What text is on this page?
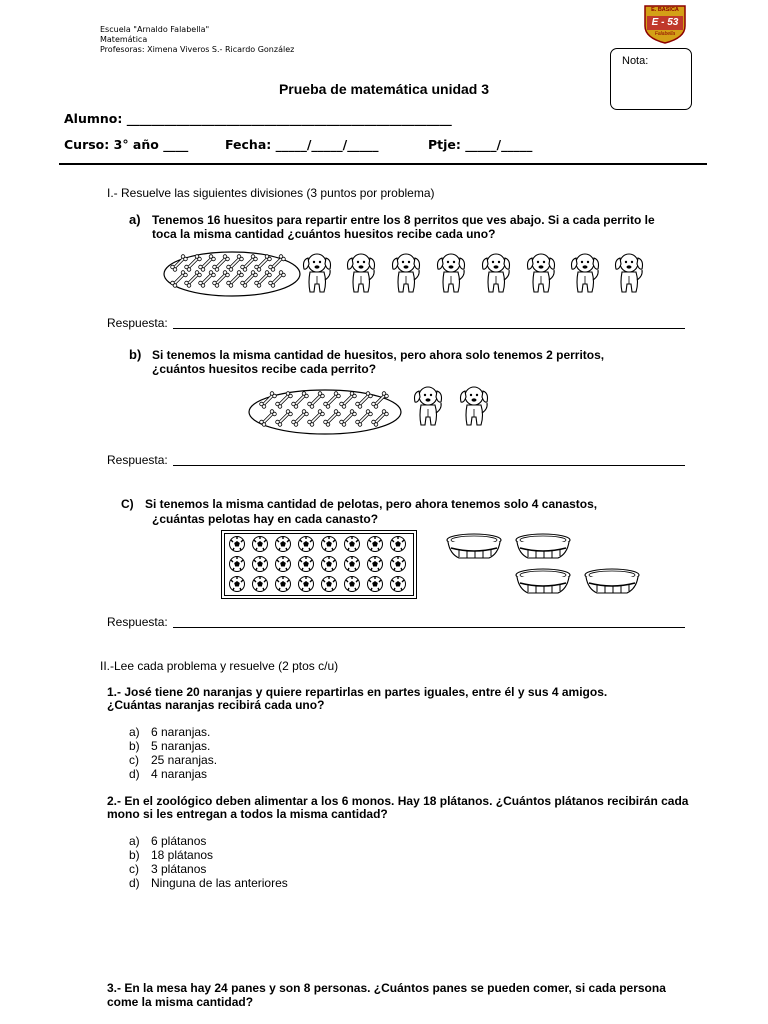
Escuela "Arnaldo Falabella"
Matemática
Profesoras: Ximena Viveros S.- Ricardo González
E. BASICA
E - 53
Falabella
Nota:
Prueba de matemática unidad 3
Alumno: ____________________________________________________
Curso: 3° año ____	Fecha: _____/_____/_____	Ptje: _____/_____
I.- Resuelve las siguientes divisiones (3 puntos por problema)
a) Tenemos 16 huesitos para repartir entre los 8 perritos que ves abajo. Si a cada perrito le
toca la misma cantidad ¿cuántos huesitos recibe cada uno?
Respuesta:
b) Si tenemos la misma cantidad de huesitos, pero ahora solo tenemos 2 perritos,
¿cuántos huesitos recibe cada perrito?
Respuesta:
C) Si tenemos la misma cantidad de pelotas, pero ahora tenemos solo 4 canastos,
¿cuántas pelotas hay en cada canasto?
Respuesta:
II.-Lee cada problema y resuelve (2 ptos c/u)
1.- José tiene 20 naranjas y quiere repartirlas en partes iguales, entre él y sus 4 amigos.
¿Cuántas naranjas recibirá cada uno?
a) 6 naranjas.
b) 5 naranjas.
c) 25 naranjas.
d) 4 naranjas
2.- En el zoológico deben alimentar a los 6 monos. Hay 18 plátanos. ¿Cuántos plátanos recibirán cada
mono si les entregan a todos la misma cantidad?
a) 6 plátanos
b) 18 plátanos
c) 3 plátanos
d) Ninguna de las anteriores
3.- En la mesa hay 24 panes y son 8 personas. ¿Cuántos panes se pueden comer, si cada persona
come la misma cantidad?
